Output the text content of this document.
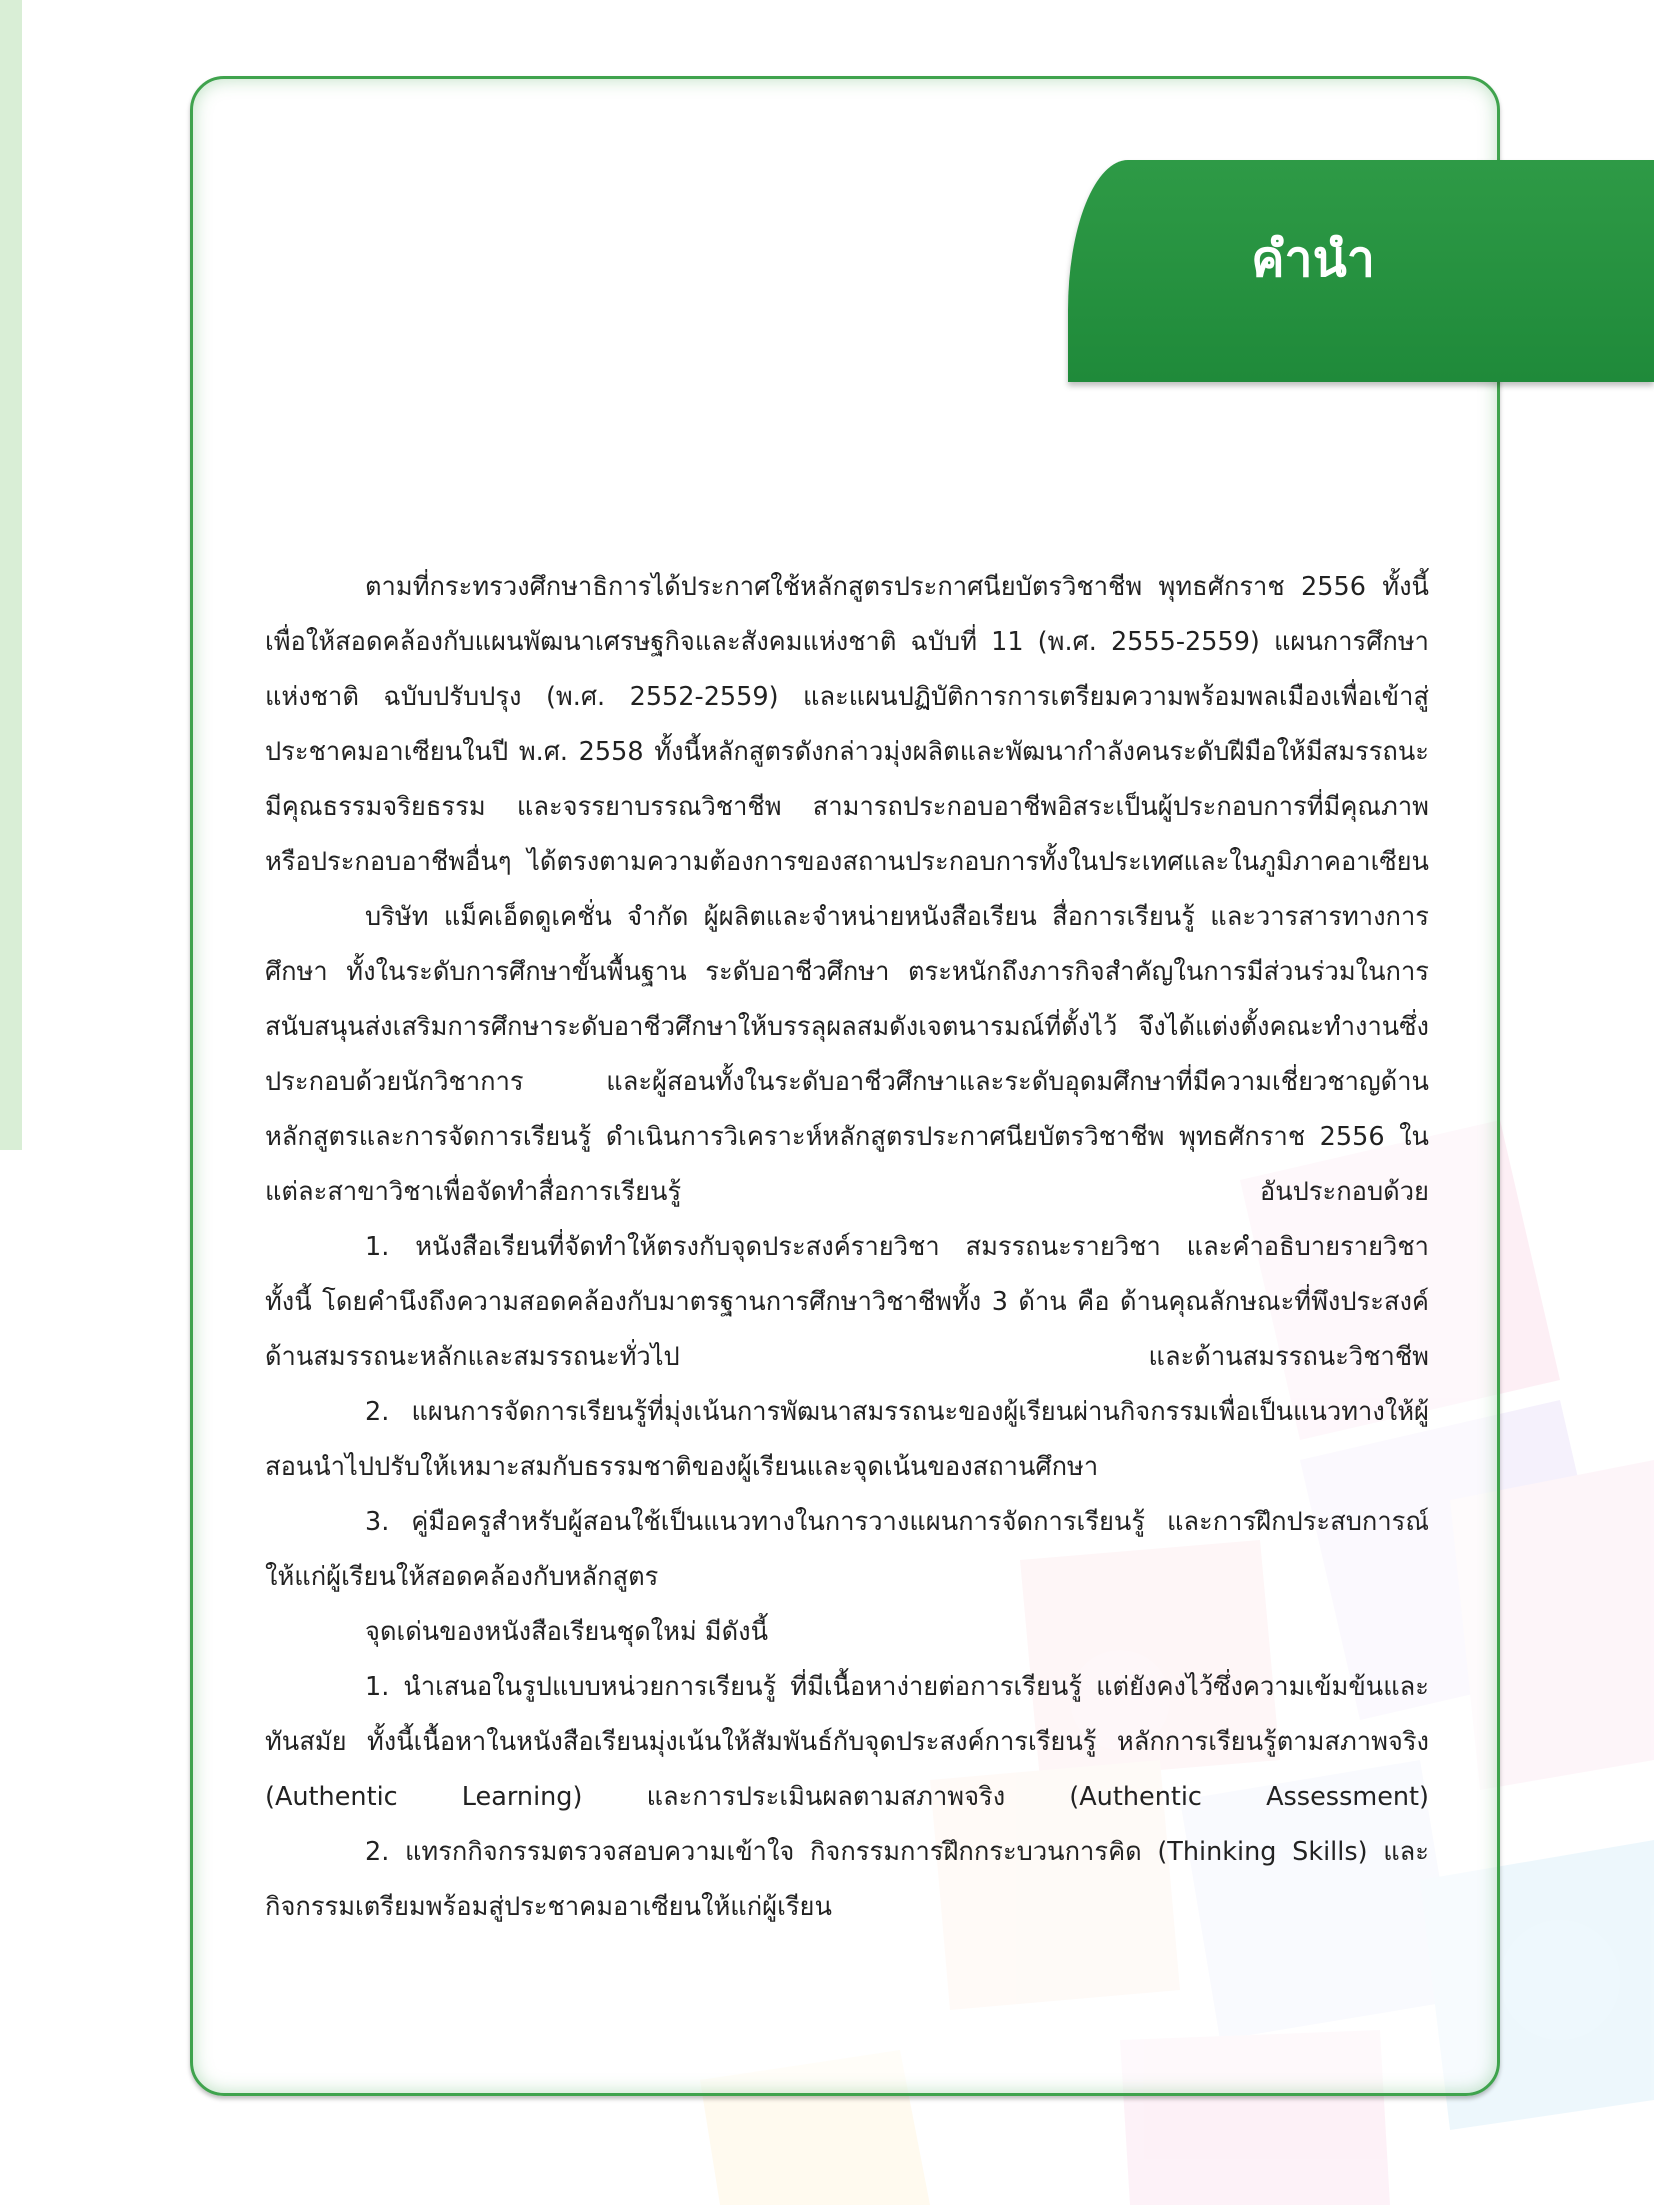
คำนำ

ตามที่กระทรวงศึกษาธิการได้ประกาศใช้หลักสูตรประกาศนียบัตรวิชาชีพ พุทธศักราช 2556 ทั้งนี้เพื่อให้สอดคล้องกับแผนพัฒนาเศรษฐกิจและสังคมแห่งชาติ ฉบับที่ 11 (พ.ศ. 2555-2559) แผนการศึกษาแห่งชาติ ฉบับปรับปรุง (พ.ศ. 2552-2559) และแผนปฏิบัติการการเตรียมความพร้อมพลเมืองเพื่อเข้าสู่ประชาคมอาเซียนในปี พ.ศ. 2558 ทั้งนี้หลักสูตรดังกล่าวมุ่งผลิตและพัฒนากำลังคนระดับฝีมือให้มีสมรรถนะ มีคุณธรรมจริยธรรม และจรรยาบรรณวิชาชีพ สามารถประกอบอาชีพอิสระเป็นผู้ประกอบการที่มีคุณภาพ หรือประกอบอาชีพอื่นๆ ได้ตรงตามความต้องการของสถานประกอบการทั้งในประเทศและในภูมิภาคอาเซียน

บริษัท แม็คเอ็ดดูเคชั่น จำกัด ผู้ผลิตและจำหน่ายหนังสือเรียน สื่อการเรียนรู้ และวารสารทางการศึกษา ทั้งในระดับการศึกษาขั้นพื้นฐาน ระดับอาชีวศึกษา ตระหนักถึงภารกิจสำคัญในการมีส่วนร่วมในการสนับสนุนส่งเสริมการศึกษาระดับอาชีวศึกษาให้บรรลุผลสมดังเจตนารมณ์ที่ตั้งไว้ จึงได้แต่งตั้งคณะทำงานซึ่งประกอบด้วยนักวิชาการ และผู้สอนทั้งในระดับอาชีวศึกษาและระดับอุดมศึกษาที่มีความเชี่ยวชาญด้านหลักสูตรและการจัดการเรียนรู้ ดำเนินการวิเคราะห์หลักสูตรประกาศนียบัตรวิชาชีพ พุทธศักราช 2556 ในแต่ละสาขาวิชาเพื่อจัดทำสื่อการเรียนรู้ อันประกอบด้วย

1. หนังสือเรียนที่จัดทำให้ตรงกับจุดประสงค์รายวิชา สมรรถนะรายวิชา และคำอธิบายรายวิชา ทั้งนี้ โดยคำนึงถึงความสอดคล้องกับมาตรฐานการศึกษาวิชาชีพทั้ง 3 ด้าน คือ ด้านคุณลักษณะที่พึงประสงค์ ด้านสมรรถนะหลักและสมรรถนะทั่วไป และด้านสมรรถนะวิชาชีพ

2. แผนการจัดการเรียนรู้ที่มุ่งเน้นการพัฒนาสมรรถนะของผู้เรียนผ่านกิจกรรมเพื่อเป็นแนวทางให้ผู้สอนนำไปปรับให้เหมาะสมกับธรรมชาติของผู้เรียนและจุดเน้นของสถานศึกษา

3. คู่มือครูสำหรับผู้สอนใช้เป็นแนวทางในการวางแผนการจัดการเรียนรู้ และการฝึกประสบการณ์ให้แก่ผู้เรียนให้สอดคล้องกับหลักสูตร

จุดเด่นของหนังสือเรียนชุดใหม่ มีดังนี้

1. นำเสนอในรูปแบบหน่วยการเรียนรู้ ที่มีเนื้อหาง่ายต่อการเรียนรู้ แต่ยังคงไว้ซึ่งความเข้มข้นและทันสมัย ทั้งนี้เนื้อหาในหนังสือเรียนมุ่งเน้นให้สัมพันธ์กับจุดประสงค์การเรียนรู้ หลักการเรียนรู้ตามสภาพจริง (Authentic Learning) และการประเมินผลตามสภาพจริง (Authentic Assessment)

2. แทรกกิจกรรมตรวจสอบความเข้าใจ กิจกรรมการฝึกกระบวนการคิด (Thinking Skills) และกิจกรรมเตรียมพร้อมสู่ประชาคมอาเซียนให้แก่ผู้เรียน
